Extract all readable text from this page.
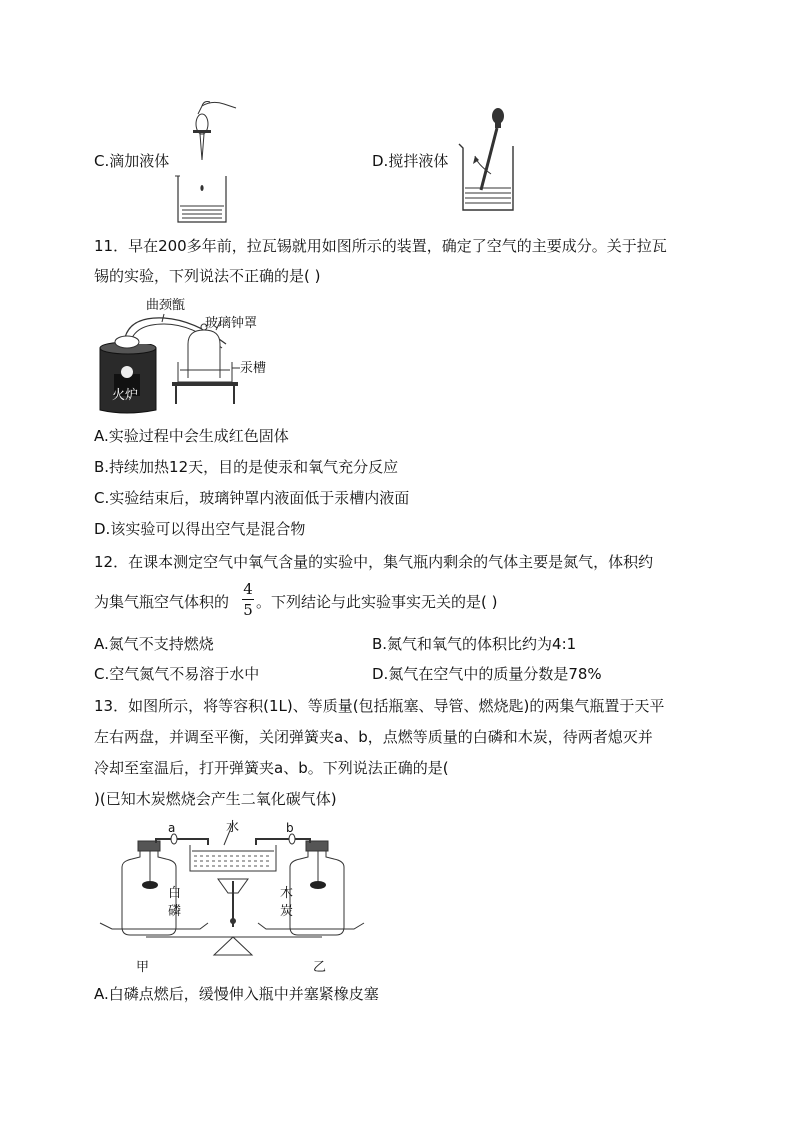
C.滴加液体	D.搅拌液体
11．早在200多年前，拉瓦锡就用如图所示的装置，确定了空气的主要成分。关于拉瓦
锡的实验，下列说法不正确的是( )
曲颈甑
玻璃钟罩
汞槽
火炉
A.实验过程中会生成红色固体
B.持续加热12天，目的是使汞和氧气充分反应
C.实验结束后，玻璃钟罩内液面低于汞槽内液面
D.该实验可以得出空气是混合物
12．在课本测定空气中氧气含量的实验中，集气瓶内剩余的气体主要是氮气，体积约
为集气瓶空气体积的
4
5 。下列结论与此实验事实无关的是( )
A.氮气不支持燃烧	B.氮气和氧气的体积比约为4:1
C.空气氮气不易溶于水中	D.氮气在空气中的质量分数是78%
13．如图所示，将等容积(1L)、等质量(包括瓶塞、导管、燃烧匙)的两集气瓶置于天平
左右两盘，并调至平衡，关闭弹簧夹a、b，点燃等质量的白磷和木炭，待两者熄灭并
冷却至室温后，打开弹簧夹a、b。下列说法正确的是(
)(已知木炭燃烧会产生二氧化碳气体)
a	b
水
白
磷
木
炭
甲	乙
A.白磷点燃后，缓慢伸入瓶中并塞紧橡皮塞
